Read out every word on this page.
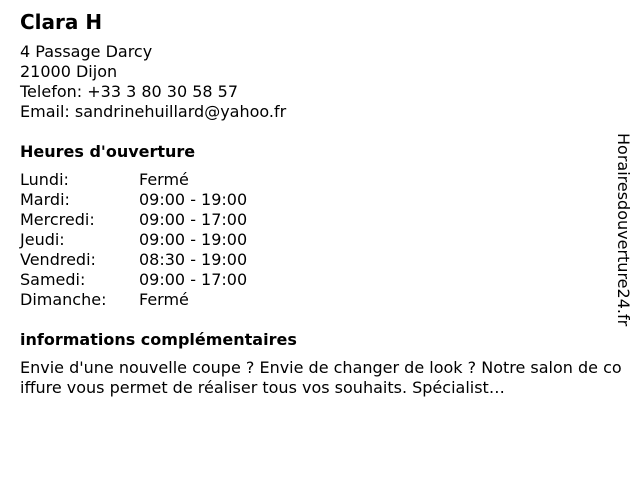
Clara H
4 Passage Darcy
21000 Dijon
Telefon: +33 3 80 30 58 57
Email: sandrinehuillard@yahoo.fr
Heures d'ouverture
Lundi:	Fermé
Mardi:	09:00 - 19:00
Mercredi:	09:00 - 17:00
Jeudi:	09:00 - 19:00
Vendredi:	08:30 - 19:00
Samedi:	09:00 - 17:00
Dimanche:	Fermé
informations complémentaires
Envie d'une nouvelle coupe ? Envie de changer de look ? Notre salon de coiffure vous permet de réaliser tous vos souhaits. Spécialist…
Horairesdouverture24.fr
